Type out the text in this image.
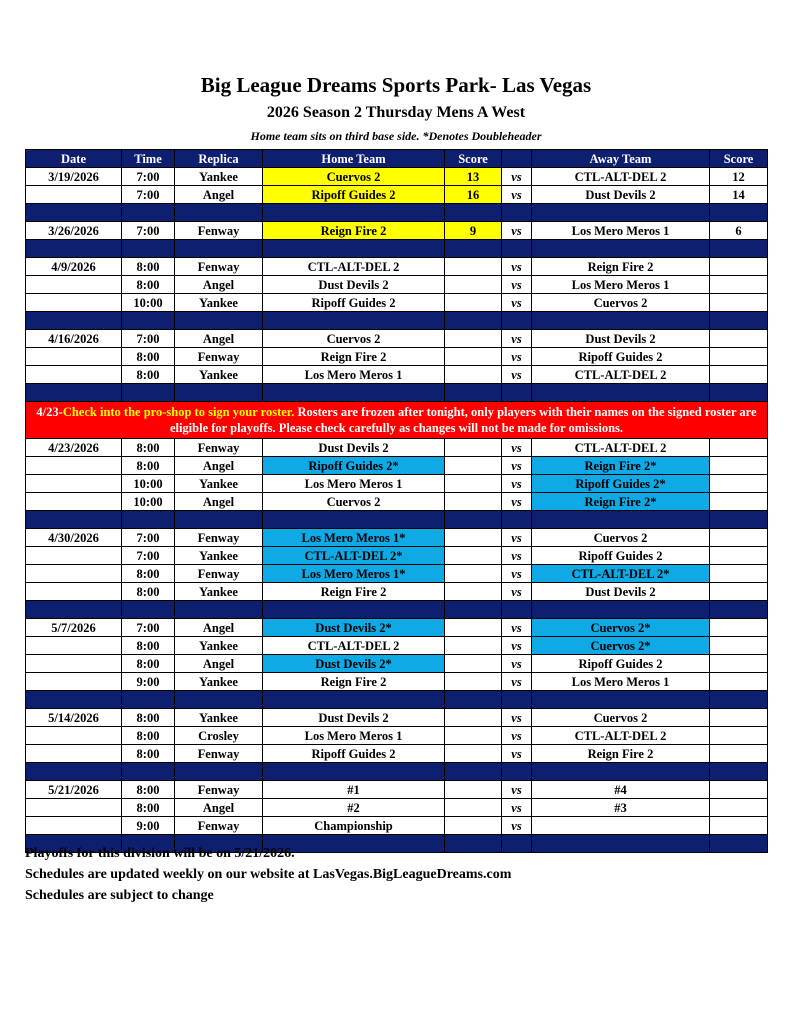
Big League Dreams Sports Park- Las Vegas
2026 Season 2 Thursday Mens A West
Home team sits on third base side. *Denotes Doubleheader
Date	Time	Replica	Home Team	Score		Away Team	Score
3/19/2026	7:00	Yankee	Cuervos 2	13	vs	CTL-ALT-DEL 2	12
	7:00	Angel	Ripoff Guides 2	16	vs	Dust Devils 2	14

3/26/2026	7:00	Fenway	Reign Fire 2	9	vs	Los Mero Meros 1	6

4/9/2026	8:00	Fenway	CTL-ALT-DEL 2		vs	Reign Fire 2	
	8:00	Angel	Dust Devils 2		vs	Los Mero Meros 1	
	10:00	Yankee	Ripoff Guides 2		vs	Cuervos 2	

4/16/2026	7:00	Angel	Cuervos 2		vs	Dust Devils 2	
	8:00	Fenway	Reign Fire 2		vs	Ripoff Guides 2	
	8:00	Yankee	Los Mero Meros 1		vs	CTL-ALT-DEL 2	

4/23-Check into the pro-shop to sign your roster. Rosters are frozen after tonight, only players with their names on the signed roster are eligible for playoffs. Please check carefully as changes will not be made for omissions.							
4/23/2026	8:00	Fenway	Dust Devils 2		vs	CTL-ALT-DEL 2	
	8:00	Angel	Ripoff Guides 2*		vs	Reign Fire 2*	
	10:00	Yankee	Los Mero Meros 1		vs	Ripoff Guides 2*	
	10:00	Angel	Cuervos 2		vs	Reign Fire 2*	

4/30/2026	7:00	Fenway	Los Mero Meros 1*		vs	Cuervos 2	
	7:00	Yankee	CTL-ALT-DEL 2*		vs	Ripoff Guides 2	
	8:00	Fenway	Los Mero Meros 1*		vs	CTL-ALT-DEL 2*	
	8:00	Yankee	Reign Fire 2		vs	Dust Devils 2	

5/7/2026	7:00	Angel	Dust Devils 2*		vs	Cuervos 2*	
	8:00	Yankee	CTL-ALT-DEL 2		vs	Cuervos 2*	
	8:00	Angel	Dust Devils 2*		vs	Ripoff Guides 2	
	9:00	Yankee	Reign Fire 2		vs	Los Mero Meros 1	

5/14/2026	8:00	Yankee	Dust Devils 2		vs	Cuervos 2	
	8:00	Crosley	Los Mero Meros 1		vs	CTL-ALT-DEL 2	
	8:00	Fenway	Ripoff Guides 2		vs	Reign Fire 2	

5/21/2026	8:00	Fenway	#1		vs	#4	
	8:00	Angel	#2		vs	#3	
	9:00	Fenway	Championship		vs		

Playoffs for this division will be on 5/21/2026.
Schedules are updated weekly on our website at LasVegas.BigLeagueDreams.com
Schedules are subject to change
